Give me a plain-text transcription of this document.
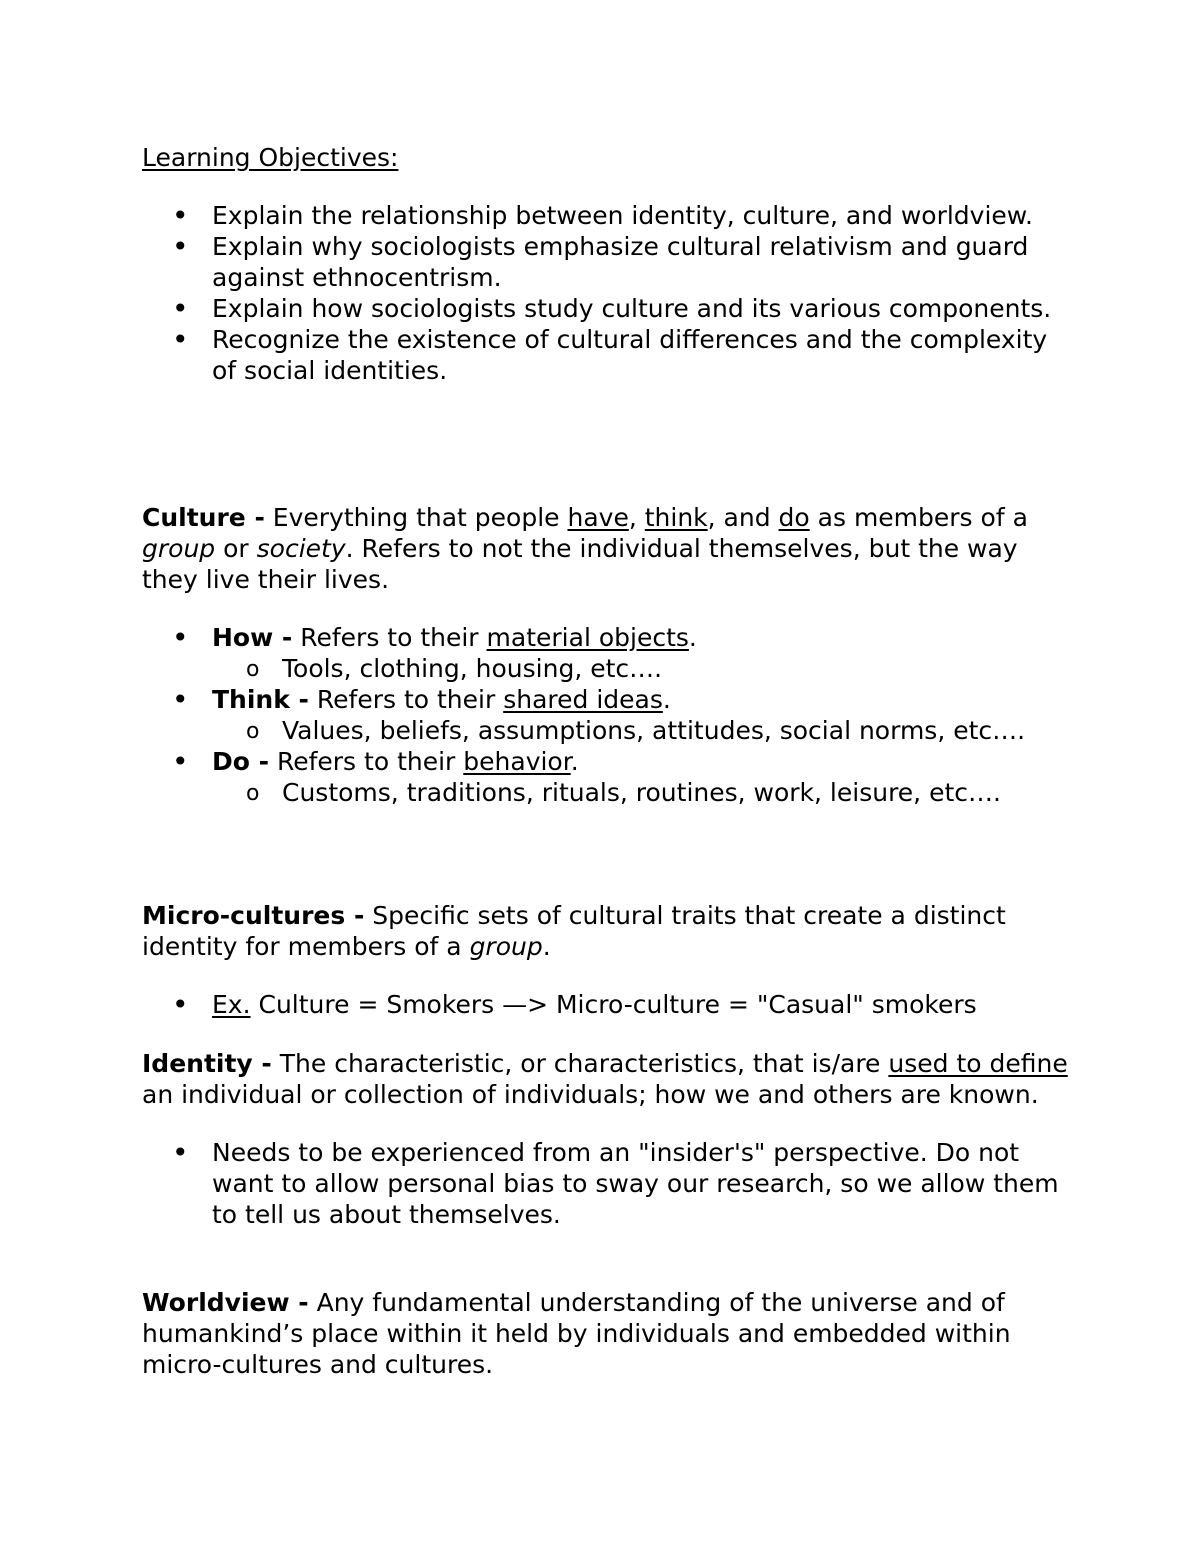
Learning Objectives:

• Explain the relationship between identity, culture, and worldview.
• Explain why sociologists emphasize cultural relativism and guard against ethnocentrism.
• Explain how sociologists study culture and its various components.
• Recognize the existence of cultural differences and the complexity of social identities.

Culture - Everything that people have, think, and do as members of a group or society. Refers to not the individual themselves, but the way they live their lives.

• How - Refers to their material objects.
o Tools, clothing, housing, etc….
• Think - Refers to their shared ideas.
o Values, beliefs, assumptions, attitudes, social norms, etc….
• Do - Refers to their behavior.
o Customs, traditions, rituals, routines, work, leisure, etc….

Micro-cultures - Specific sets of cultural traits that create a distinct identity for members of a group.

• Ex. Culture = Smokers —> Micro-culture = "Casual" smokers

Identity - The characteristic, or characteristics, that is/are used to define an individual or collection of individuals; how we and others are known.

• Needs to be experienced from an "insider's" perspective. Do not want to allow personal bias to sway our research, so we allow them to tell us about themselves.

Worldview - Any fundamental understanding of the universe and of humankind’s place within it held by individuals and embedded within micro-cultures and cultures.
